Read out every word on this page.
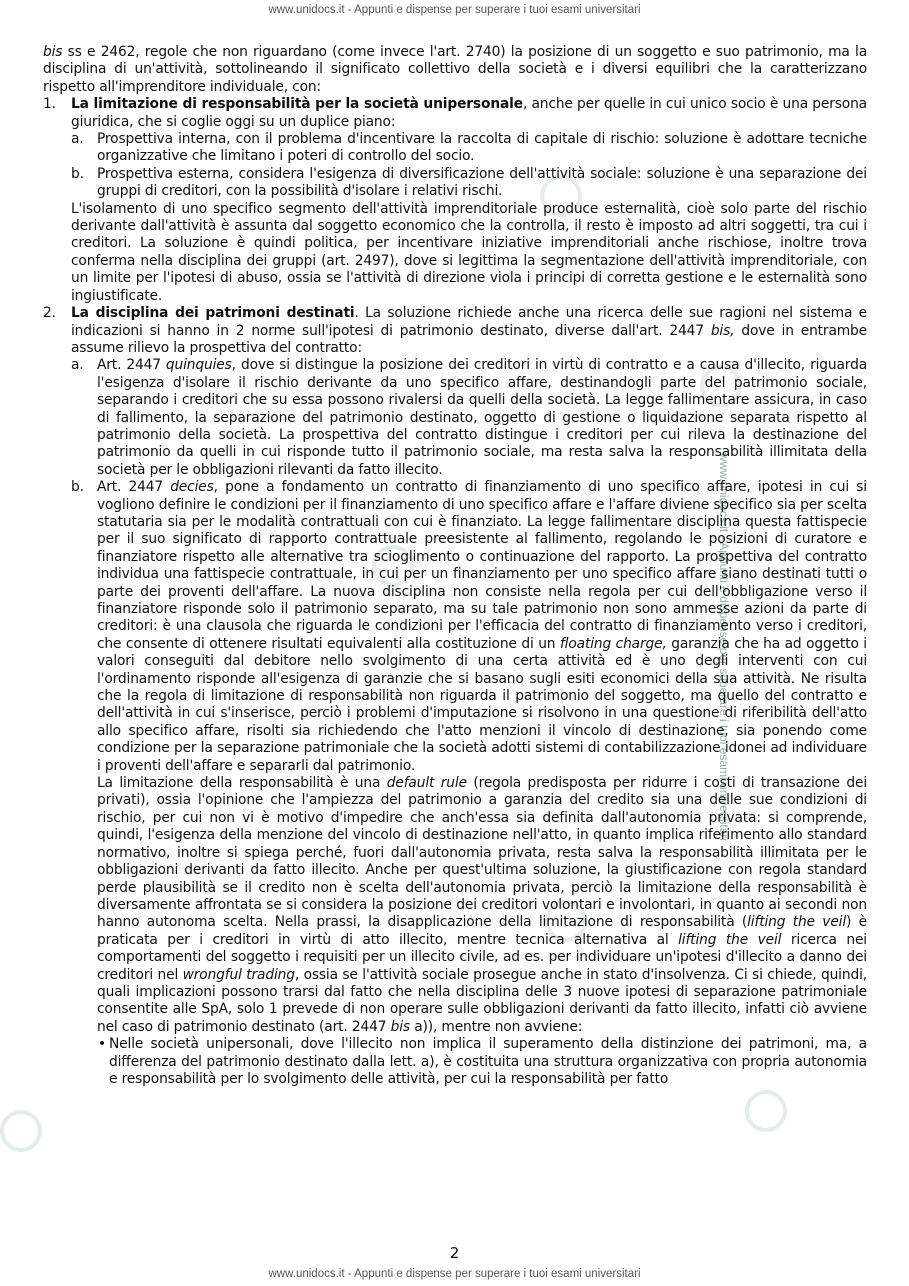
www.unidocs.it - Appunti e dispense per superare i tuoi esami universitari
www.unidocs.it - Appunti e dispense per superare i tuoi esami universitari

bis ss e 2462, regole che non riguardano (come invece l'art. 2740) la posizione di un soggetto e suo patrimonio, ma la disciplina di un'attività, sottolineando il significato collettivo della società e i diversi equilibri che la caratterizzano rispetto all'imprenditore individuale, con:

1. La limitazione di responsabilità per la società unipersonale, anche per quelle in cui unico socio è una persona giuridica, che si coglie oggi su un duplice piano:

a. Prospettiva interna, con il problema d'incentivare la raccolta di capitale di rischio: soluzione è adottare tecniche organizzative che limitano i poteri di controllo del socio.

b. Prospettiva esterna, considera l'esigenza di diversificazione dell'attività sociale: soluzione è una separazione dei gruppi di creditori, con la possibilità d'isolare i relativi rischi.

L'isolamento di uno specifico segmento dell'attività imprenditoriale produce esternalità, cioè solo parte del rischio derivante dall'attività è assunta dal soggetto economico che la controlla, il resto è imposto ad altri soggetti, tra cui i creditori. La soluzione è quindi politica, per incentivare iniziative imprenditoriali anche rischiose, inoltre trova conferma nella disciplina dei gruppi (art. 2497), dove si legittima la segmentazione dell'attività imprenditoriale, con un limite per l'ipotesi di abuso, ossia se l'attività di direzione viola i principi di corretta gestione e le esternalità sono ingiustificate.

2. La disciplina dei patrimoni destinati. La soluzione richiede anche una ricerca delle sue ragioni nel sistema e indicazioni si hanno in 2 norme sull'ipotesi di patrimonio destinato, diverse dall'art. 2447 bis, dove in entrambe assume rilievo la prospettiva del contratto:

a. Art. 2447 quinquies, dove si distingue la posizione dei creditori in virtù di contratto e a causa d'illecito, riguarda l'esigenza d'isolare il rischio derivante da uno specifico affare, destinandogli parte del patrimonio sociale, separando i creditori che su essa possono rivalersi da quelli della società. La legge fallimentare assicura, in caso di fallimento, la separazione del patrimonio destinato, oggetto di gestione o liquidazione separata rispetto al patrimonio della società. La prospettiva del contratto distingue i creditori per cui rileva la destinazione del patrimonio da quelli in cui risponde tutto il patrimonio sociale, ma resta salva la responsabilità illimitata della società per le obbligazioni rilevanti da fatto illecito.

b. Art. 2447 decies, pone a fondamento un contratto di finanziamento di uno specifico affare, ipotesi in cui si vogliono definire le condizioni per il finanziamento di uno specifico affare e l'affare diviene specifico sia per scelta statutaria sia per le modalità contrattuali con cui è finanziato. La legge fallimentare disciplina questa fattispecie per il suo significato di rapporto contrattuale preesistente al fallimento, regolando le posizioni di curatore e finanziatore rispetto alle alternative tra scioglimento o continuazione del rapporto. La prospettiva del contratto individua una fattispecie contrattuale, in cui per un finanziamento per uno specifico affare siano destinati tutti o parte dei proventi dell'affare. La nuova disciplina non consiste nella regola per cui dell'obbligazione verso il finanziatore risponde solo il patrimonio separato, ma su tale patrimonio non sono ammesse azioni da parte di creditori: è una clausola che riguarda le condizioni per l'efficacia del contratto di finanziamento verso i creditori, che consente di ottenere risultati equivalenti alla costituzione di un floating charge, garanzia che ha ad oggetto i valori conseguiti dal debitore nello svolgimento di una certa attività ed è uno degli interventi con cui l'ordinamento risponde all'esigenza di garanzie che si basano sugli esiti economici della sua attività. Ne risulta che la regola di limitazione di responsabilità non riguarda il patrimonio del soggetto, ma quello del contratto e dell'attività in cui s'inserisce, perciò i problemi d'imputazione si risolvono in una questione di riferibilità dell'atto allo specifico affare, risolti sia richiedendo che l'atto menzioni il vincolo di destinazione, sia ponendo come condizione per la separazione patrimoniale che la società adotti sistemi di contabilizzazione idonei ad individuare i proventi dell'affare e separarli dal patrimonio.

La limitazione della responsabilità è una default rule (regola predisposta per ridurre i costi di transazione dei privati), ossia l'opinione che l'ampiezza del patrimonio a garanzia del credito sia una delle sue condizioni di rischio, per cui non vi è motivo d'impedire che anch'essa sia definita dall'autonomia privata: si comprende, quindi, l'esigenza della menzione del vincolo di destinazione nell'atto, in quanto implica riferimento allo standard normativo, inoltre si spiega perché, fuori dall'autonomia privata, resta salva la responsabilità illimitata per le obbligazioni derivanti da fatto illecito. Anche per quest'ultima soluzione, la giustificazione con regola standard perde plausibilità se il credito non è scelta dell'autonomia privata, perciò la limitazione della responsabilità è diversamente affrontata se si considera la posizione dei creditori volontari e involontari, in quanto ai secondi non hanno autonoma scelta. Nella prassi, la disapplicazione della limitazione di responsabilità (lifting the veil) è praticata per i creditori in virtù di atto illecito, mentre tecnica alternativa al lifting the veil ricerca nei comportamenti del soggetto i requisiti per un illecito civile, ad es. per individuare un'ipotesi d'illecito a danno dei creditori nel wrongful trading, ossia se l'attività sociale prosegue anche in stato d'insolvenza. Ci si chiede, quindi, quali implicazioni possono trarsi dal fatto che nella disciplina delle 3 nuove ipotesi di separazione patrimoniale consentite alle SpA, solo 1 prevede di non operare sulle obbligazioni derivanti da fatto illecito, infatti ciò avviene nel caso di patrimonio destinato (art. 2447 bis a)), mentre non avviene:

• Nelle società unipersonali, dove l'illecito non implica il superamento della distinzione dei patrimoni, ma, a differenza del patrimonio destinato dalla lett. a), è costituita una struttura organizzativa con propria autonomia e responsabilità per lo svolgimento delle attività, per cui la responsabilità per fatto

2
www.unidocs.it - Appunti e dispense per superare i tuoi esami universitari
